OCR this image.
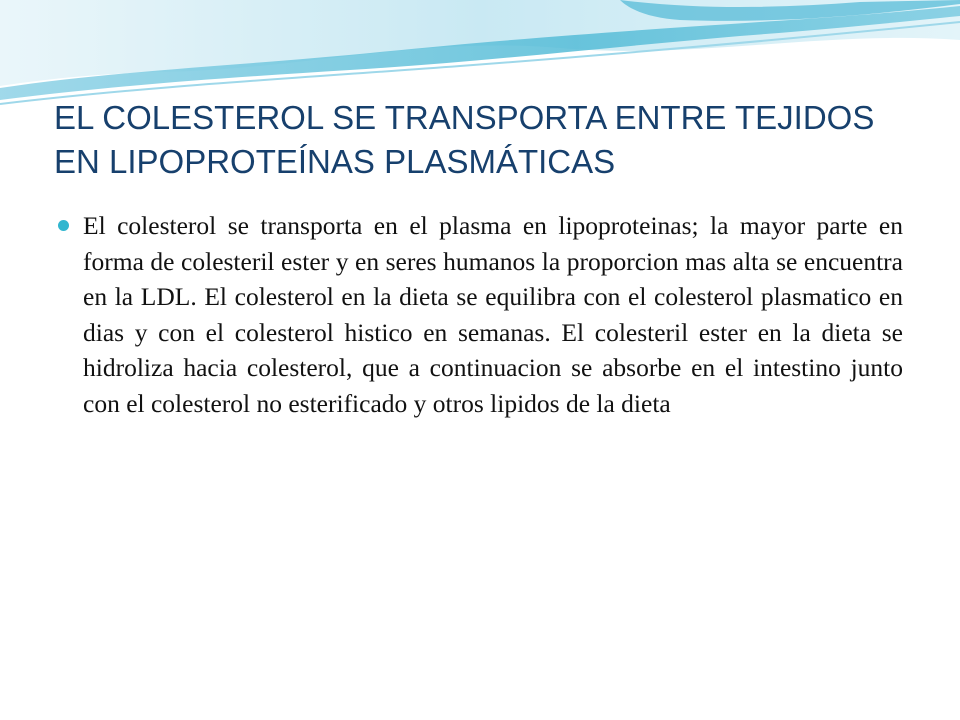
EL COLESTEROL SE TRANSPORTA ENTRE TEJIDOS
EN LIPOPROTEÍNAS PLASMÁTICAS
El colesterol se transporta en el plasma en lipoproteinas; la mayor parte en forma de colesteril ester y en seres humanos la proporcion mas alta se encuentra en la LDL. El colesterol en la dieta se equilibra con el colesterol plasmatico en dias y con el colesterol histico en semanas. El colesteril ester en la dieta se hidroliza hacia colesterol, que a continuacion se absorbe en el intestino junto con el colesterol no esterificado y otros lipidos de la dieta
